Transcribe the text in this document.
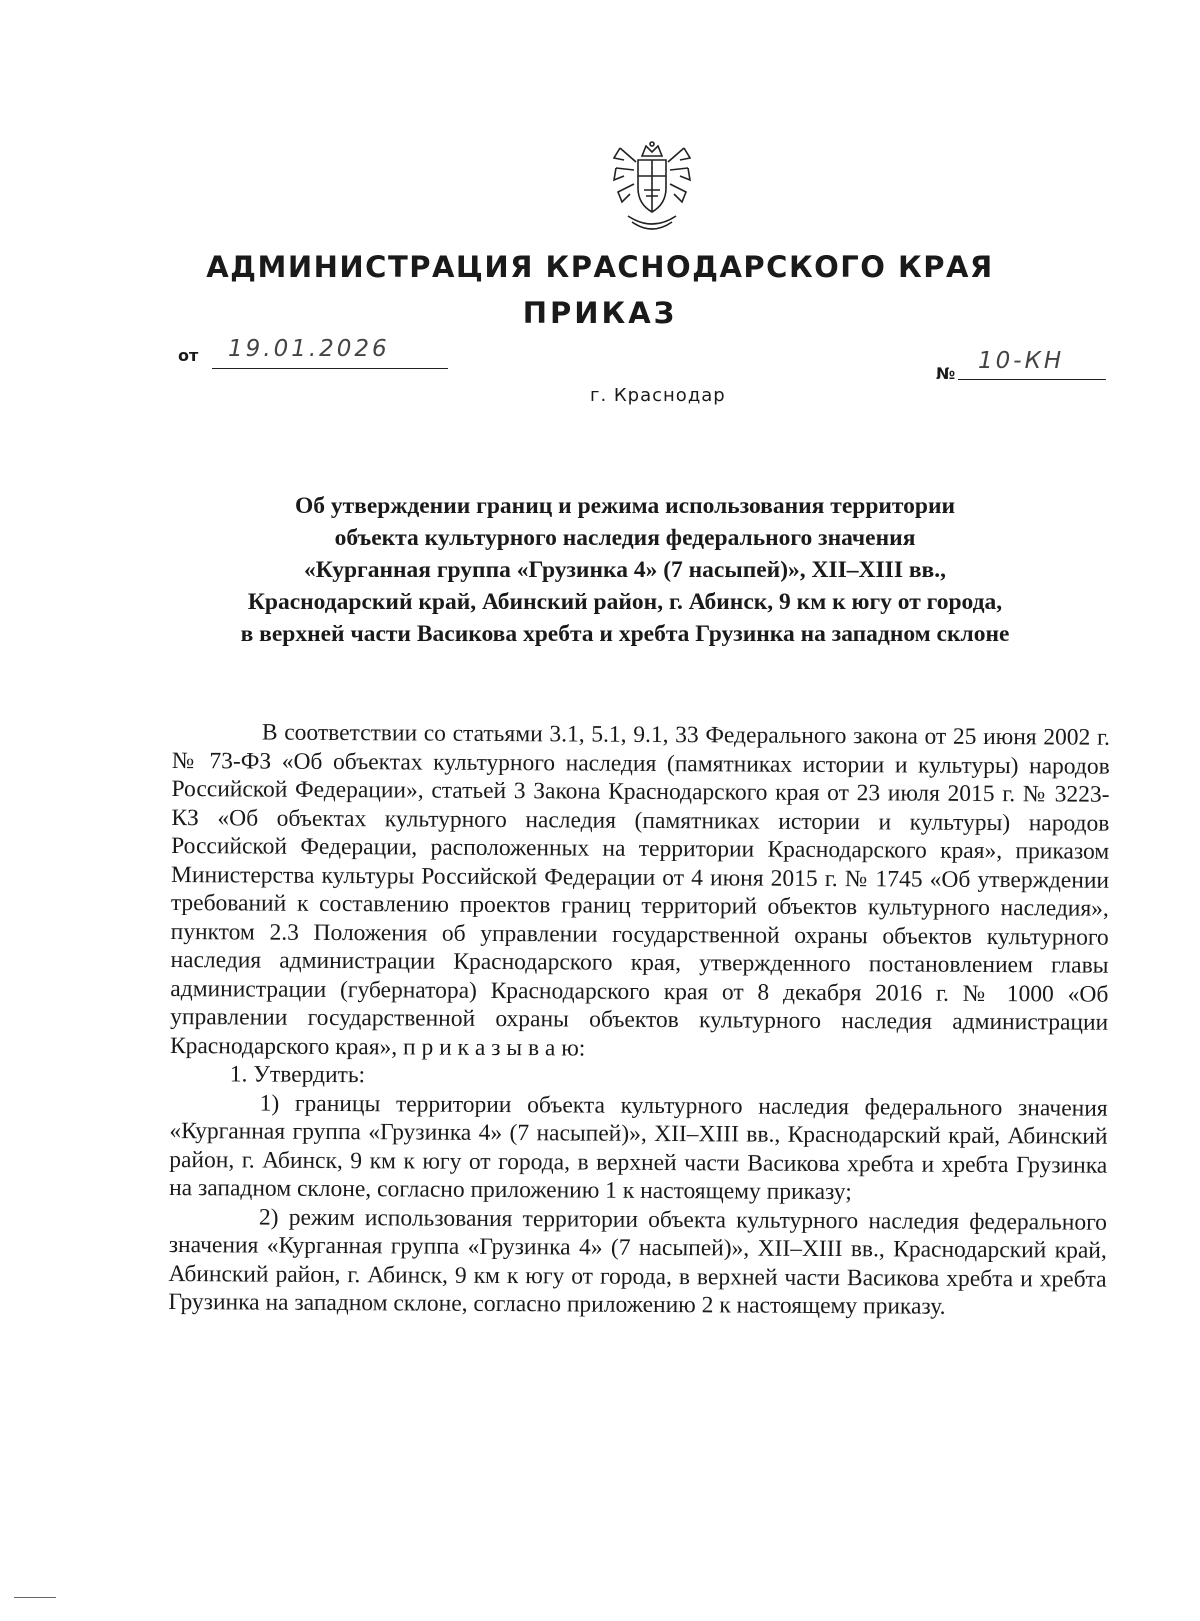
АДМИНИСТРАЦИЯ КРАСНОДАРСКОГО КРАЯ
ПРИКАЗ
от 19.01.2026
№ 10-КН
г. Краснодар
Об утверждении границ и режима использования территории
объекта культурного наследия федерального значения
«Курганная группа «Грузинка 4» (7 насыпей)», XII–XIII вв.,
Краснодарский край, Абинский район, г. Абинск, 9 км к югу от города,
в верхней части Васикова хребта и хребта Грузинка на западном склоне

В соответствии со статьями 3.1, 5.1, 9.1, 33 Федерального закона от 25 июня 2002 г. № 73-ФЗ «Об объектах культурного наследия (памятниках истории и культуры) народов Российской Федерации», статьей 3 Закона Краснодарского края от 23 июля 2015 г. № 3223-КЗ «Об объектах культурного наследия (памятниках истории и культуры) народов Российской Федерации, расположенных на территории Краснодарского края», приказом Министерства культуры Российской Федерации от 4 июня 2015 г. № 1745 «Об утверждении требований к составлению проектов границ территорий объектов культурного наследия», пунктом 2.3 Положения об управлении государственной охраны объектов культурного наследия администрации Краснодарского края, утвержденного постановлением главы администрации (губернатора) Краснодарского края от 8 декабря 2016 г. № 1000 «Об управлении государственной охраны объектов культурного наследия администрации Краснодарского края», п р и к а з ы в а ю:

1. Утвердить:

1) границы территории объекта культурного наследия федерального значения «Курганная группа «Грузинка 4» (7 насыпей)», XII–XIII вв., Краснодарский край, Абинский район, г. Абинск, 9 км к югу от города, в верхней части Васикова хребта и хребта Грузинка на западном склоне, согласно приложению 1 к настоящему приказу;

2) режим использования территории объекта культурного наследия федерального значения «Курганная группа «Грузинка 4» (7 насыпей)», XII–XIII вв., Краснодарский край, Абинский район, г. Абинск, 9 км к югу от города, в верхней части Васикова хребта и хребта Грузинка на западном склоне, согласно приложению 2 к настоящему приказу.
